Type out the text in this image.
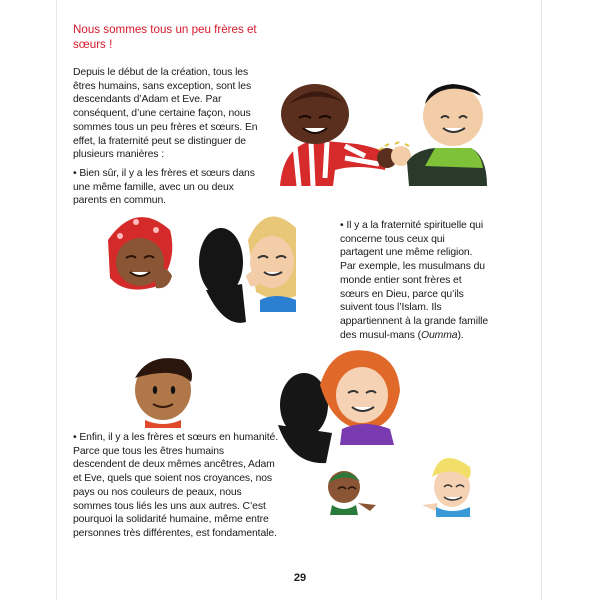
Nous sommes tous un peu frères et sœurs !
Depuis le début de la création, tous les êtres humains, sans exception, sont les descendants d’Adam et Eve. Par conséquent, d’une certaine façon, nous sommes tous un peu frères et sœurs. En effet, la fraternité peut se distinguer de plusieurs manières :
• Bien sûr, il y a les frères et sœurs dans une même famille, avec un ou deux parents en commun.
• Il y a la fraternité spirituelle qui concerne tous ceux qui partagent une même religion. Par exemple, les musulmans du monde entier sont frères et sœurs en Dieu, parce qu’ils suivent tous l’Islam. Ils appartiennent à la grande famille des musul-mans (Oumma).
• Enfin, il y a les frères et sœurs en humanité. Parce que tous les êtres humains descendent de deux mêmes ancêtres, Adam et Eve, quels que soient nos croyances, nos pays ou nos couleurs de peaux, nous sommes tous liés les uns aux autres. C’est pourquoi la solidarité humaine, même entre personnes très différentes, est fondamentale.
29
